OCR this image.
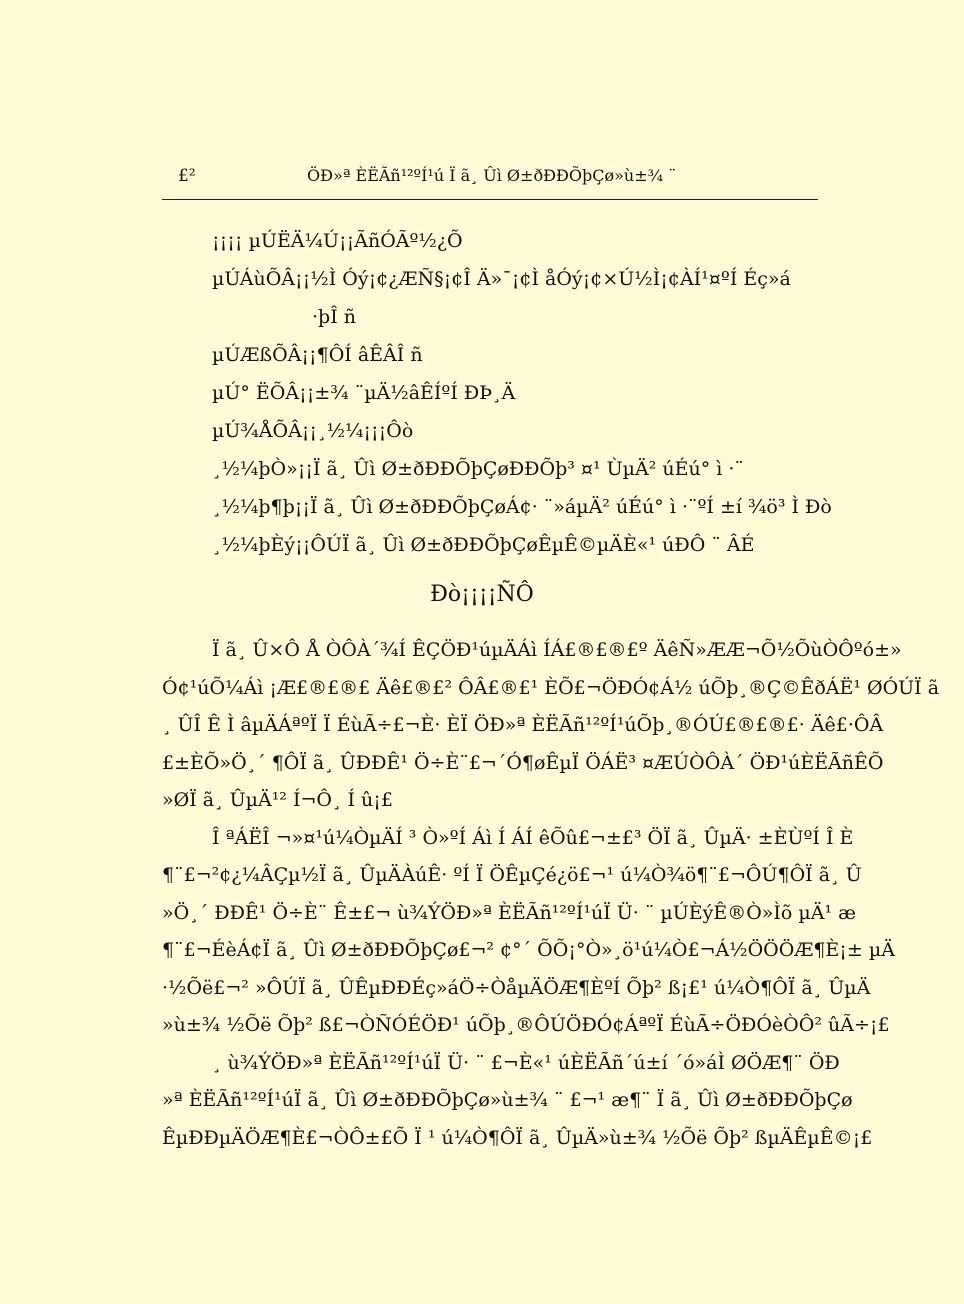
£²	ÖÐ»ª ÈËÃñ¹²ºÍ¹ú Ï ã¸ Ûì Ø±ðÐÐÕþÇø»ù±¾ ¨
¡¡¡¡ µÚËÄ¼Ú¡¡ÃñÓÃº½¿Õ
µÚÁùÕÂ¡¡½Ì Óý¡¢¿ÆÑ§¡¢Î Ä»¯¡¢Ì åÓý¡¢×Ú½Ì¡¢ÀÍ¹¤ºÍ Éç»á
·þÎ ñ
µÚÆßÕÂ¡¡¶ÔÍ âÊÂÎ ñ
µÚ° ËÕÂ¡¡±¾ ¨µÄ½âÊÍºÍ ÐÞ¸Ä
µÚ¾ÅÕÂ¡¡¸½¼¡¡¡Ôò
¸½¼þÒ»¡¡Ï ã¸ Ûì Ø±ðÐÐÕþÇøÐÐÕþ³ ¤¹ ÙµÄ² úÉú° ì ·¨
¸½¼þ¶þ¡¡Ï ã¸ Ûì Ø±ðÐÐÕþÇøÁ¢· ¨»áµÄ² úÉú° ì ·¨ºÍ ±í ¾ö³ Ì Ðò
¸½¼þÈý¡¡ÔÚÏ ã¸ Ûì Ø±ðÐÐÕþÇøÊµÊ©µÄÈ«¹ úÐÔ ¨ ÂÉ
Ðò¡¡¡¡ÑÔ
Ï ã¸ Û×Ô Å ÒÔÀ´¾Í ÊÇÖÐ¹úµÄÁì ÍÁ£®£®£º ÄêÑ»ÆÆ¬Õ½ÕùÒÔºó±»
Ó¢¹úÕ¼Áì ¡Æ£®£®£ Äê£®£² ÔÂ£®£¹ ÈÕ£¬ÖÐÓ¢Á½ úÕþ¸®Ç©ÊðÁË¹ ØÓÚÏ ã
¸ ÛÎ Ê Ì âµÄÁªºÏ Ï ÉùÃ÷£¬È· ÈÏ ÖÐ»ª ÈËÃñ¹²ºÍ¹úÕþ¸®ÓÚ£®£®£· Äê£·ÔÂ
£±ÈÕ»Ö¸´ ¶ÔÏ ã¸ ÛÐÐÊ¹ Ö÷È¨£¬´Ó¶øÊµÏ ÖÁË³ ¤ÆÚÒÔÀ´ ÖÐ¹úÈËÃñÊÕ
»ØÏ ã¸ ÛµÄ¹² Í¬Ô¸ Í û¡£
Î ªÁËÎ ¬»¤¹ú¼ÒµÄÍ ³ Ò»ºÍ Áì Í ÁÍ êÕû£¬±£³ ÖÏ ã¸ ÛµÄ· ±ÈÙºÍ Î È
¶¨£¬²¢¿¼ÂÇµ½Ï ã¸ ÛµÄÀúÊ· ºÍ Ï ÖÊµÇé¿ö£¬¹ ú¼Ò¾ö¶¨£¬ÔÚ¶ÔÏ ã¸ Û
»Ö¸´ ÐÐÊ¹ Ö÷È¨ Ê±£¬ ù¾ÝÖÐ»ª ÈËÃñ¹²ºÍ¹úÏ Ü· ¨ µÚÈýÊ®Ò»Ìõ µÄ¹ æ
¶¨£¬ÉèÁ¢Ï ã¸ Ûì Ø±ðÐÐÕþÇø£¬² ¢°´ ÕÕ¡°Ò»¸ö¹ú¼Ò£¬Á½ÖÖÖÆ¶È¡± µÄ
·½Õë£¬² »ÔÚÏ ã¸ ÛÊµÐÐÉç»áÖ÷ÒåµÄÖÆ¶ÈºÍ Õþ² ß¡£¹ ú¼Ò¶ÔÏ ã¸ ÛµÄ
»ù±¾ ½Õë Õþ² ß£¬ÒÑÓÉÖÐ¹ úÕþ¸®ÔÚÖÐÓ¢ÁªºÏ ÉùÃ÷ÖÐÓèÒÔ² ûÃ÷¡£
¸ ù¾ÝÖÐ»ª ÈËÃñ¹²ºÍ¹úÏ Ü· ¨ £¬È«¹ úÈËÃñ´ú±í ´ó»áÌ ØÖÆ¶¨ ÖÐ
»ª ÈËÃñ¹²ºÍ¹úÏ ã¸ Ûì Ø±ðÐÐÕþÇø»ù±¾ ¨ £¬¹ æ¶¨ Ï ã¸ Ûì Ø±ðÐÐÕþÇø
ÊµÐÐµÄÖÆ¶È£¬ÒÔ±£Õ Ï ¹ ú¼Ò¶ÔÏ ã¸ ÛµÄ»ù±¾ ½Õë Õþ² ßµÄÊµÊ©¡£
